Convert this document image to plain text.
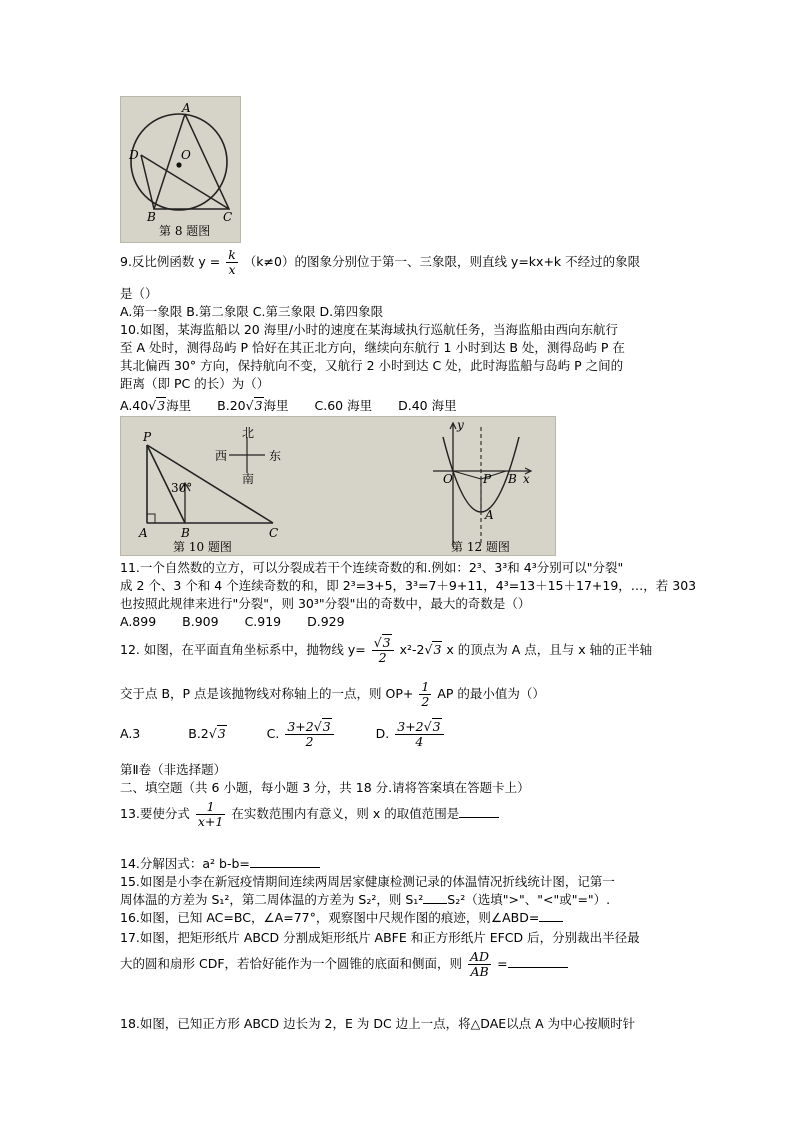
A
D	O
B	C
第 8 题图
9.反比例函数 $y = \frac{k}{x} (k\ne 0)$的图象分别位于第一、三象限，则直线 y=kx+k 不经过的象限
是（）
A.第一象限 B.第二象限 C.第三象限 D.第四象限
10.如图，某海监船以 20 海里/小时的速度在某海域执行巡航任务，当海监船由西向东航行
至 A 处时，测得岛屿 P 恰好在其正北方向，继续向东航行 1 小时到达 B 处，测得岛屿 P 在
其北偏西 30° 方向，保持航向不变，又航行 2 小时到达 C 处，此时海监船与岛屿 P 之间的
距离（即 PC 的长）为（）
A.40√3海里 B.20√3海里 C.60 海里 D.40 海里
30°
P
A	B	C
北
南
西	东
第 10 题图
y
O	P B x
A
第 12 题图
11.一个自然数的立方，可以分裂成若干个连续奇数的和.例如：2³、3³和 4³分别可以"分裂"
成 2 个、3 个和 4 个连续奇数的和，即 2³=3+5，3³=7＋9+11，4³=13＋15＋17+19，…，若 303
也按照此规律来进行"分裂"，则 30³"分裂"出的奇数中，最大的奇数是（）
A.899 B.909 C.919 D.929
12. 如图，在平面直角坐标系中，抛物线 $y= \frac{√3}{2} x^2-2√3$ x 的顶点为 A 点，且与 x 轴的正半轴
交于点 B，P 点是该抛物线对称轴上的一点，则 $OP+ \frac{1}{2}$ AP 的最小值为（）
A.3	B.2√3	C. $\frac{3+2√3}{2}$	D. $\frac{3+2√3}{4}$
第Ⅱ卷（非选择题）
二、填空题（共 6 小题，每小题 3 分，共 18 分.请将答案填在答题卡上）
13.要使分式 $\frac{1}{x+1}$ 在实数范围内有意义，则 x 的取值范围是
14.分解因式：a² b-b=
15.如图是小李在新冠疫情期间连续两周居家健康检测记录的体温情况折线统计图，记第一
周体温的方差为 S₁²，第二周体温的方差为 S₂²，则 S₁² S₂²（选填">"、"<"或"="）.
16.如图，已知 AC=BC，∠A=77°，观察图中尺规作图的痕迹，则∠ABD=
17.如图，把矩形纸片 ABCD 分割成矩形纸片 ABFE 和正方形纸片 EFCD 后，分别裁出半径最
大的圆和扇形 CDF，若恰好能作为一个圆锥的底面和侧面，则 $\frac{AD}{AB}$ =
18.如图，已知正方形 ABCD 边长为 2，E 为 DC 边上一点，将△DAE以点 A 为中心按顺时针
